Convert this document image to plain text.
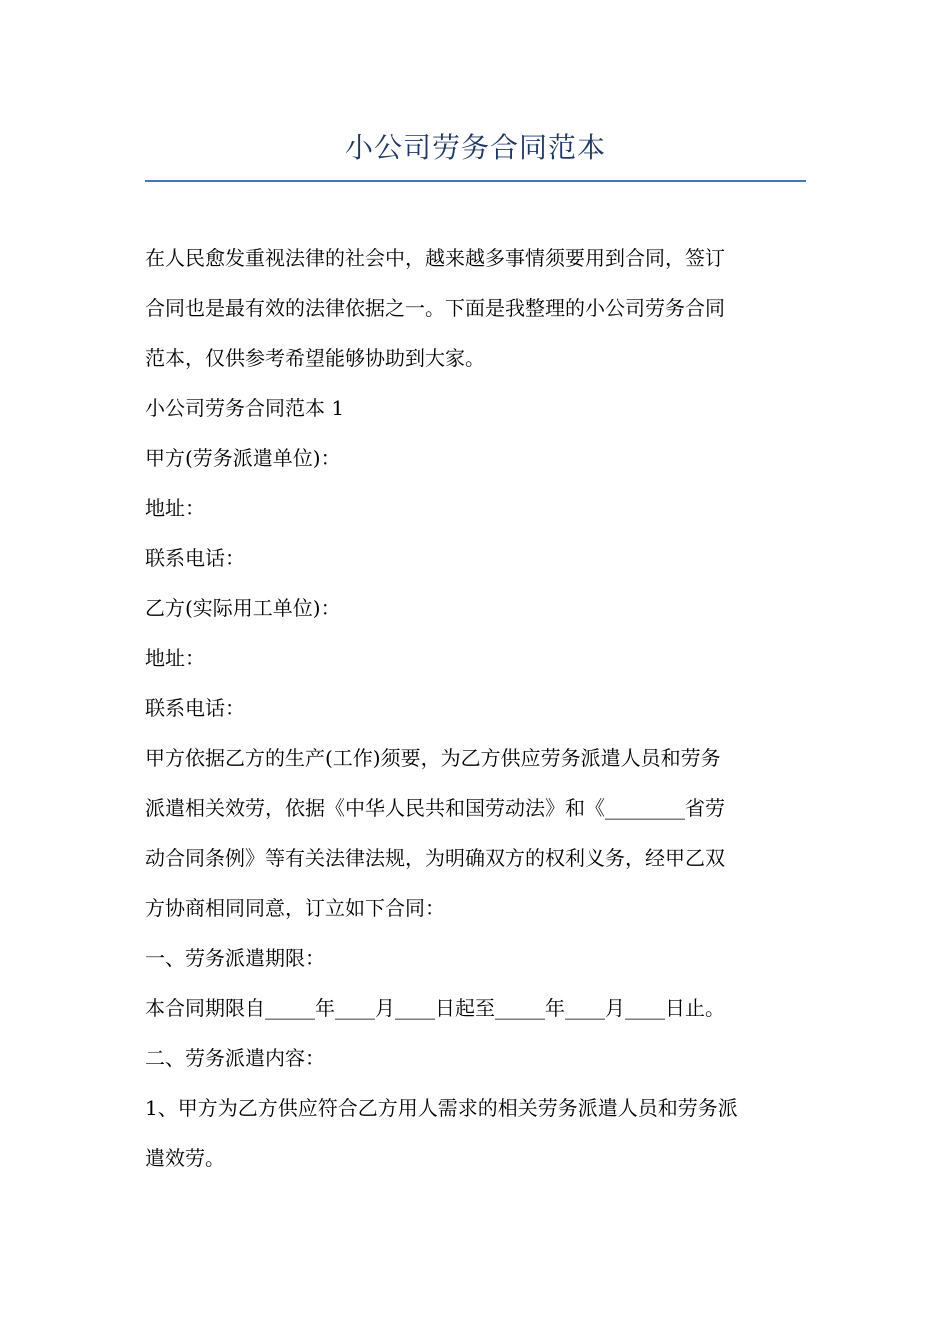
小公司劳务合同范本

在人民愈发重视法律的社会中，越来越多事情须要用到合同，签订

合同也是最有效的法律依据之一。下面是我整理的小公司劳务合同

范本，仅供参考希望能够协助到大家。

小公司劳务合同范本 1

甲方(劳务派遣单位)：

地址：

联系电话：

乙方(实际用工单位)：

地址：

联系电话：

甲方依据乙方的生产(工作)须要，为乙方供应劳务派遣人员和劳务

派遣相关效劳，依据《中华人民共和国劳动法》和《________省劳

动合同条例》等有关法律法规，为明确双方的权利义务，经甲乙双

方协商相同同意，订立如下合同：

一、劳务派遣期限：

本合同期限自_____年____月____日起至_____年____月____日止。

二、劳务派遣内容：

1、甲方为乙方供应符合乙方用人需求的相关劳务派遣人员和劳务派

遣效劳。
